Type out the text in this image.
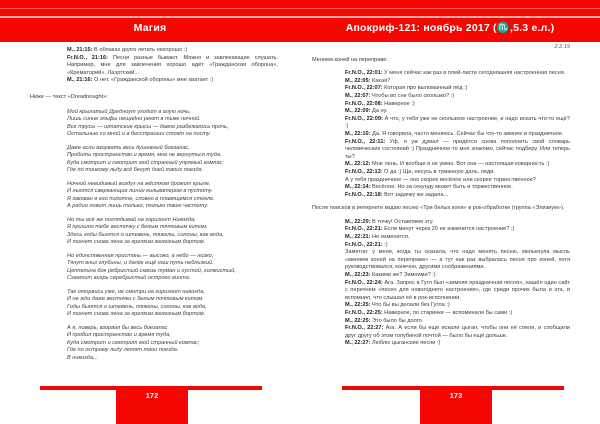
Магия	Апокриф-121: ноябрь 2017 (♏,5.3 е.л.)
М., 21:15: В облаках долго летать нехорошо :)
Fr.N.O., 21:16: Песни разные бывают. Можно и завлекающие слушать. Например, мне для завлечения хорошо идёт «Гражданская оборона», «Крематорий», Лаэртский...
М., 21:16: О нет. «Гражданской обороны» мне хватает :)

Ниже — текст «Dreadnought»:

Мой крылатый Дредноут уходит в алую ночь,
Лишь синие эльфы нещадно реют в тьме ночной.
Все трусы — штатские крысы — давно разбежались прочь,
Остальные со мной и в бесстрашии стоят на посту.
Даже если взорвать весь душевный боезапас,
Пробить пространство и время, мне не вернуться туда.
Куда смотрит и смотрит мой странный упрямый компас;
Где по тонкому льду всё бегут дней твоих поезда.
Ночной невидимый воздух на жёстком дрожит крыле,
И льются сверкающие линии кильватером в пустоту.
Я закован в его полотне, словно в плавящемся стекле.
А радио ловит лишь только, только твою частоту.
Но ты всё же поглядывай на горизонт Никогда,
Я пришлю тебе весточку с белым почтовым китом.
Здесь годы бьются о штевень, тяжелы, солоны, как вода,
И пахнет снова пена за крепким железным бортом.
Но единственная пристань — высоко, а небо — низко,
Тянут вниз глубины, и далёк ещё наш путь неблизкий.
Цеппелина бок ребристый сквозь туман и густой, холмистый,
Схватит вихрь серебристый острого винта.
Так оторвись уже, не смотри на горизонт никогда,
И не жди даже весточки с белым почтовым китом.
Годы бьются о штевень, тяжелы, солоны, как вода,
И пахнет снова пена за крепким железным бортом.
А я, поверь, взорвал бы весь боезапас
И пробил пространство и время туда,
Куда смотрит и смотрит мой странный компас;
Где по острому льду летят твои поезда.
В никогда...
2.2.19

Меняем коней на переправе:

Fr.N.O., 22:01: У меня сейчас как раз в плей-листе сегодняшняя настроенная песня.
М., 22:05: Какая?
Fr.N.O., 22:07: Которая про выломанный лёд :)
М., 22:07: Чтобы во сне было скользко? :)
Fr.N.O., 22:08: Наверное :)
М., 22:09: Да ну.
Fr.N.O., 22:09: А что, у тебя уже не скользкое настроение, и надо искать что-то ещё? :)
М., 22:10: Да. Я говорила, часто меняюсь. Сейчас бы что-то зимнее и праздничное.
Fr.N.O., 22:11: Уф, я уж думал — придётся снова пополнить свой словарь человеческих состояний :) Праздничное-то мне знакомо, сейчас подберу. Или теперь ты?
М., 22:12: Мне лень. И вообще я не умею. Вот она — настоящая коварность :)
Fr.N.O., 22:13: О да :) Ща, несусь в туманную даль, леди.
А у тебя праздничное — оно скорее весёлое или скорее торжественное?
М., 22:14: Весёлое. Но за секунду может быть и торжественное.
Fr.N.O., 22:18: Вот задачку же задала...

После поисков в интернете кидаю песню «Три белых коня» в рок-обработке (группа «Элизиум»).

М., 22:20: В точку! Оставляем эту.
Fr.N.O., 22:21: Если минут через 20 не изменится настроение? ;)
М., 22:21: Не изменится.
Fr.N.O., 22:21: :)
Заметно: у меня, когда ты сказала, что надо менять песню, мелькнула мысль «меняем коней на переправе» — а тут как раз выбралась песня про коней, хотя руководствовался, конечно, другими соображениями.
М., 22:23: Какими же? Зимними? :)
Fr.N.O., 22:24: Ага. Запрос в Гугл был «зимняя праздничная песня», нашёл один сайт с перечнем «песен для новогоднего настроения», где среди прочих была и эта, и вспомнил, что слышал её в рок-исполнении.
М., 22:25: Что бы вы делали без Гугла :)
Fr.N.O., 22:25: Наверное, по старинке — вспоминали бы сами :)
М., 22:25: Это было бы долго.
Fr.N.O., 22:27: Ага. А если бы ещё искали цыган, чтобы они её спели, и сообщили друг другу об этом голубиной почтой — было бы ещё дольше.
М., 22:27: Люблю цыганские песни :)
172	173
